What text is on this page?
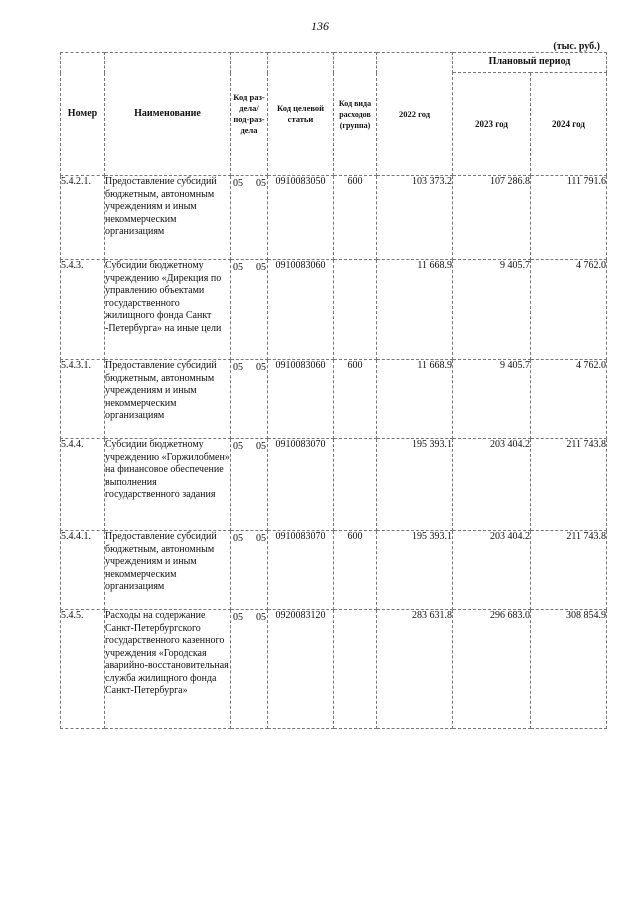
136
(тыс. руб.)
Номер	Наименование	Код раз-дела/ под-раз-дела	Код целевой статьи	Код вида расходов (группа)	2022 год	Плановый период	
						2023 год	2024 год
5.4.2.1.	Предоставление субсидий бюджетным, автономным учреждениям и иным некоммерческим организациям	05 05	0910083050	600	103 373.2	107 286.8	111 791.6
5.4.3.	Субсидии бюджетному учреждению «Дирекция по управлению объектами государственного жилищного фонда Санкт -Петербурга» на иные цели	05 05	0910083060		11 668.9	9 405.7	4 762.0
5.4.3.1.	Предоставление субсидий бюджетным, автономным учреждениям и иным некоммерческим организациям	05 05	0910083060	600	11 668.9	9 405.7	4 762.0
5.4.4.	Субсидии бюджетному учреждению «Горжилобмен» на финансовое обеспечение выполнения государственного задания	05 05	0910083070		195 393.1	203 404.2	211 743.8
5.4.4.1.	Предоставление субсидий бюджетным, автономным учреждениям и иным некоммерческим организациям	05 05	0910083070	600	195 393.1	203 404.2	211 743.8
5.4.5.	Расходы на содержание Санкт-Петербургского государственного казенного учреждения «Городская аварийно-восстановительная служба жилищного фонда Санкт-Петербурга»	05 05	0920083120		283 631.8	296 683.0	308 854.9
